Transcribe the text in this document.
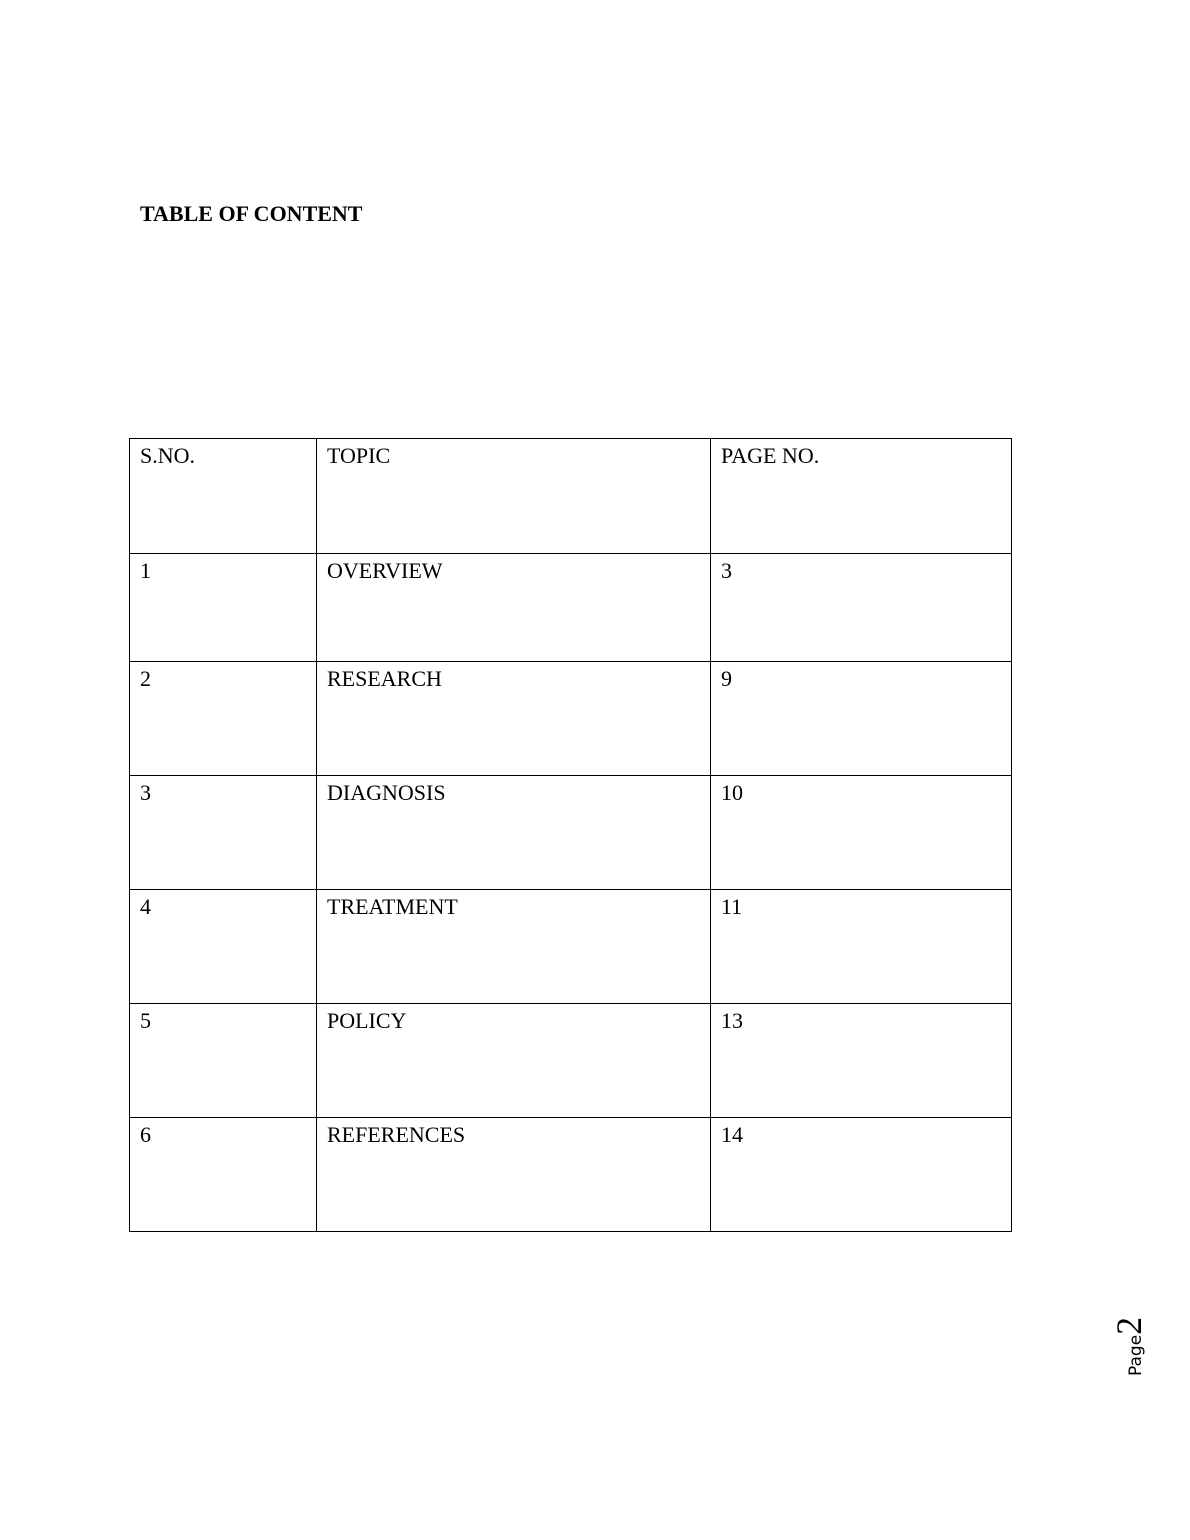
TABLE OF CONTENT
S.NO.	TOPIC	PAGE NO.
1	OVERVIEW	3
2	RESEARCH	9
3	DIAGNOSIS	10
4	TREATMENT	11
5	POLICY	13
6	REFERENCES	14
Page2
